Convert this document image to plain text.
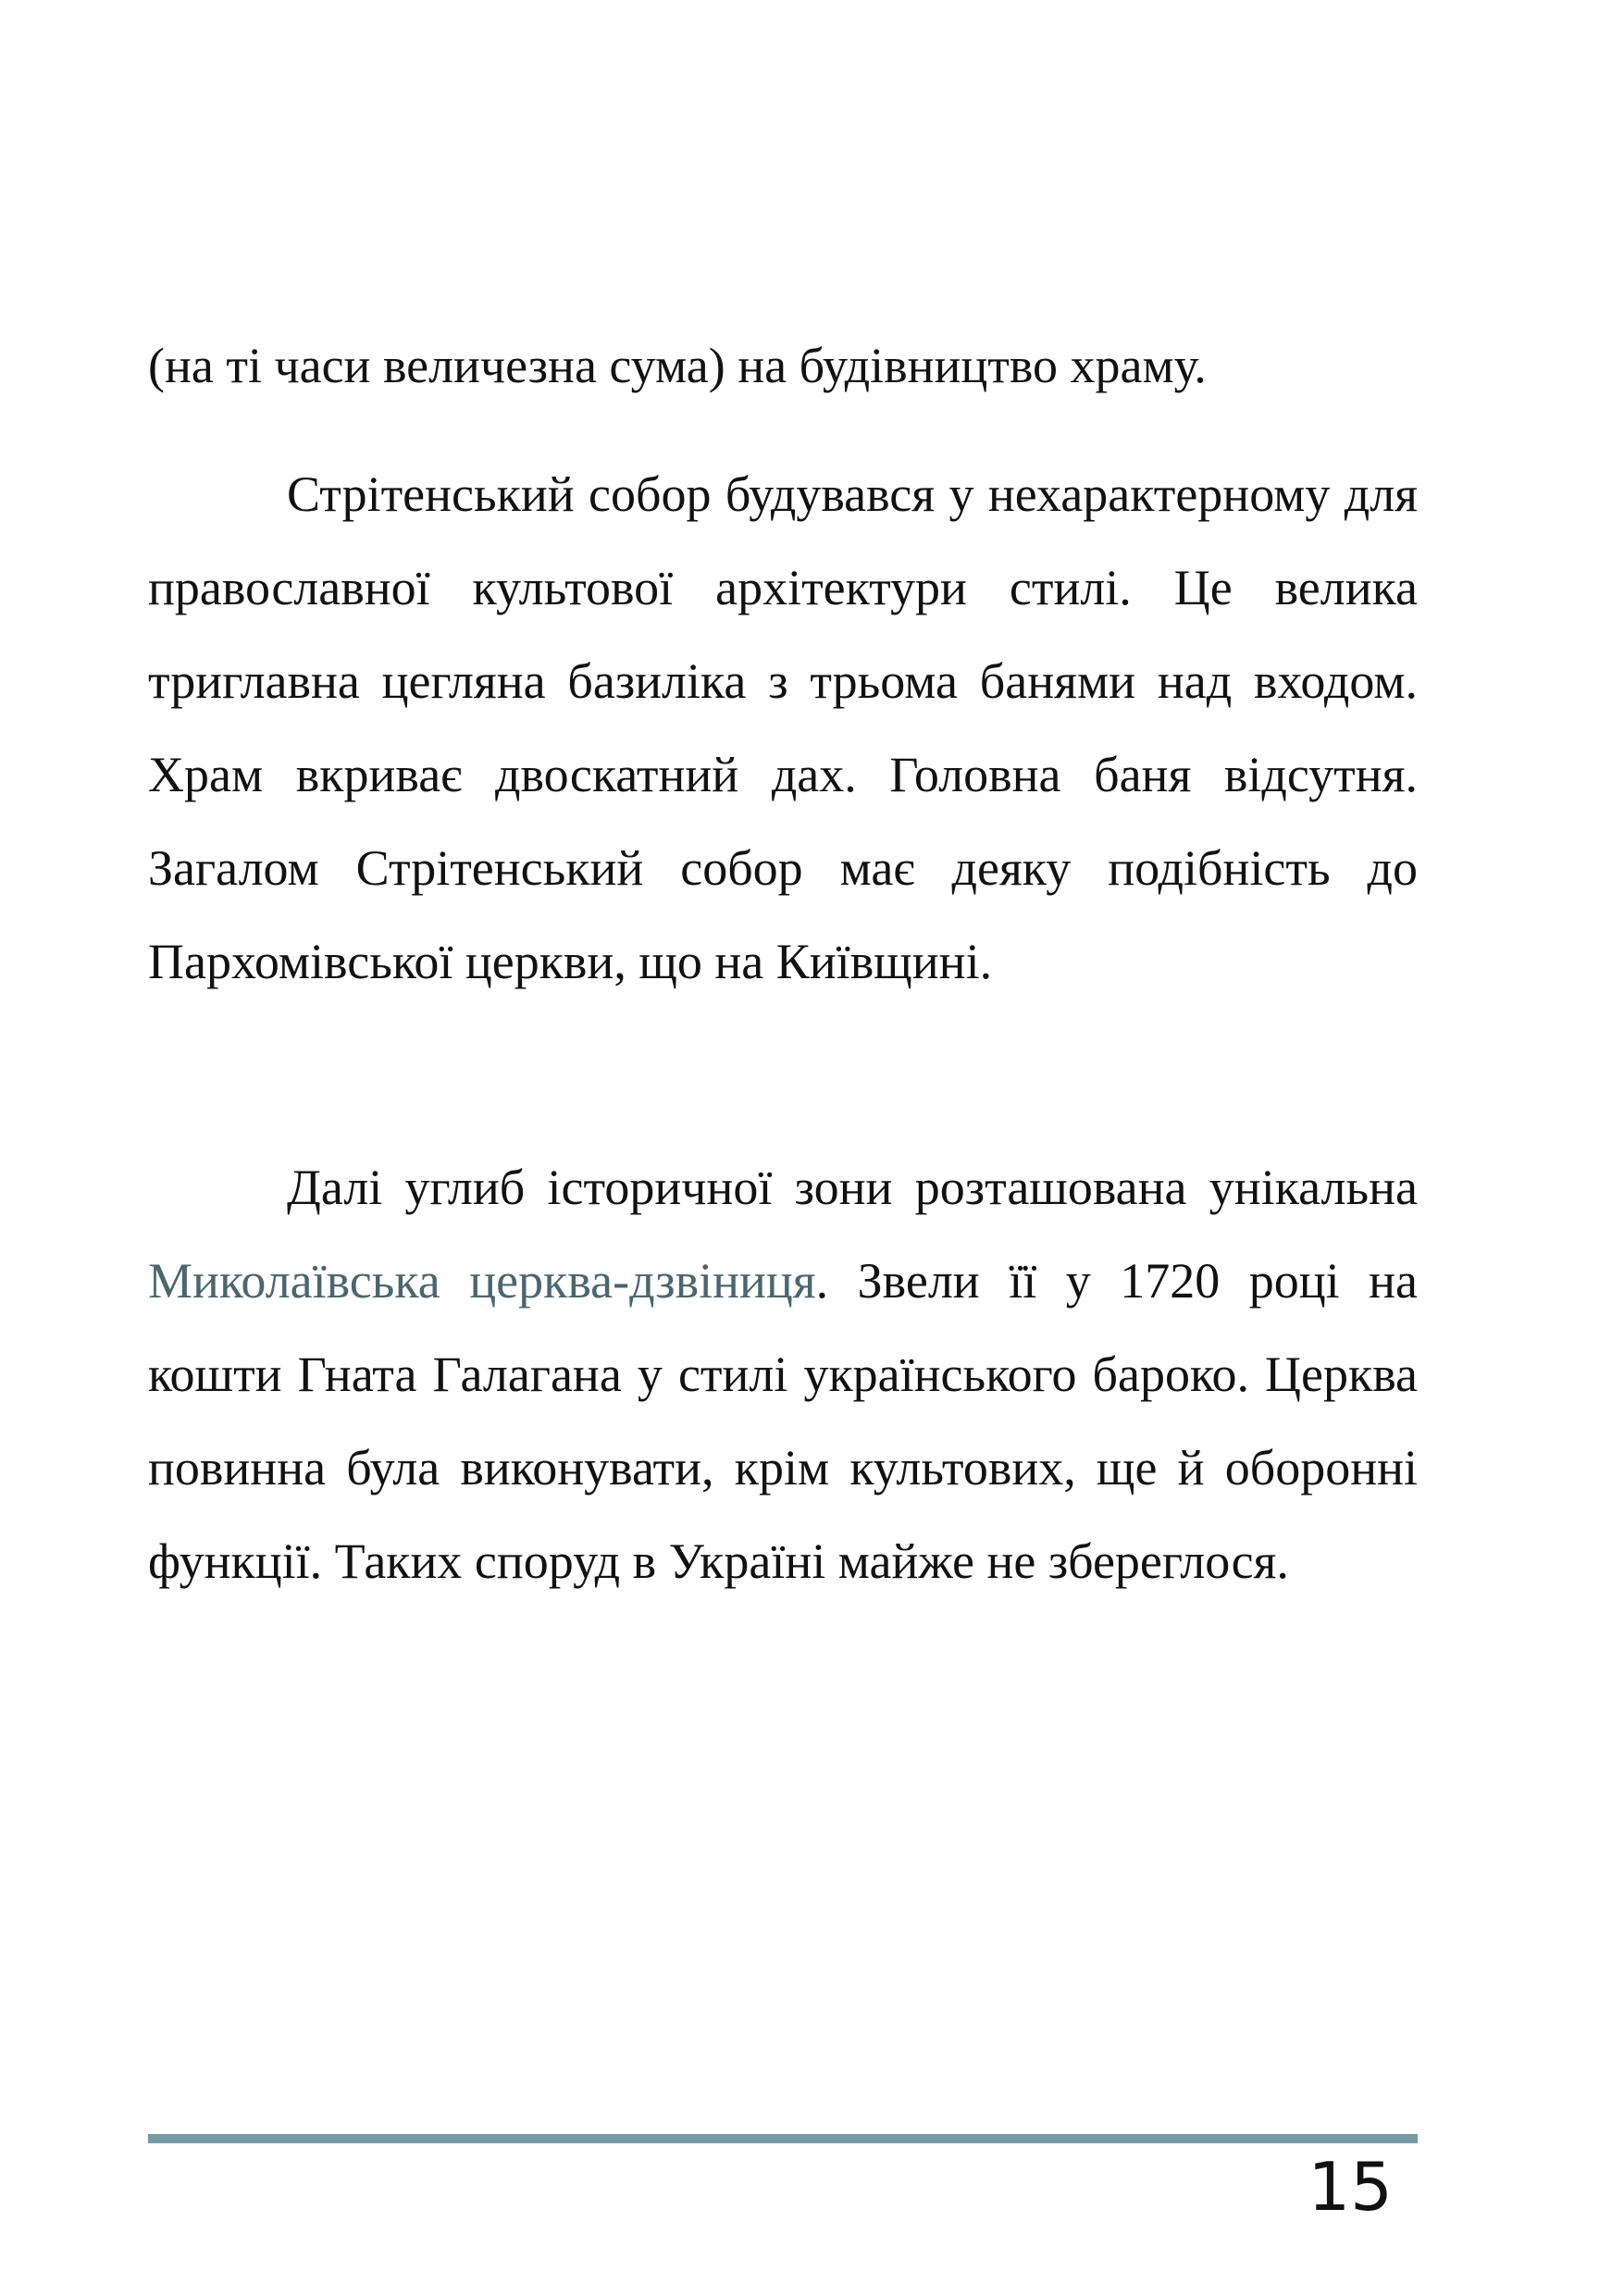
(на ті часи величезна сума) на будівництво храму.

Стрітенський собор будувався у нехарактерному для православної культової архітектури стилі. Це велика триглавна цегляна базиліка з трьома банями над входом. Храм вкриває двоскатний дах. Головна баня відсутня. Загалом Стрітенський собор має деяку подібність до Пархомівської церкви, що на Київщині.

Далі углиб історичної зони розташована унікальна Миколаївська церква-дзвіниця. Звели її у 1720 році на кошти Гната Галагана у стилі українського бароко. Церква повинна була виконувати, крім культових, ще й оборонні функції. Таких споруд в Україні майже не збереглося.

15
